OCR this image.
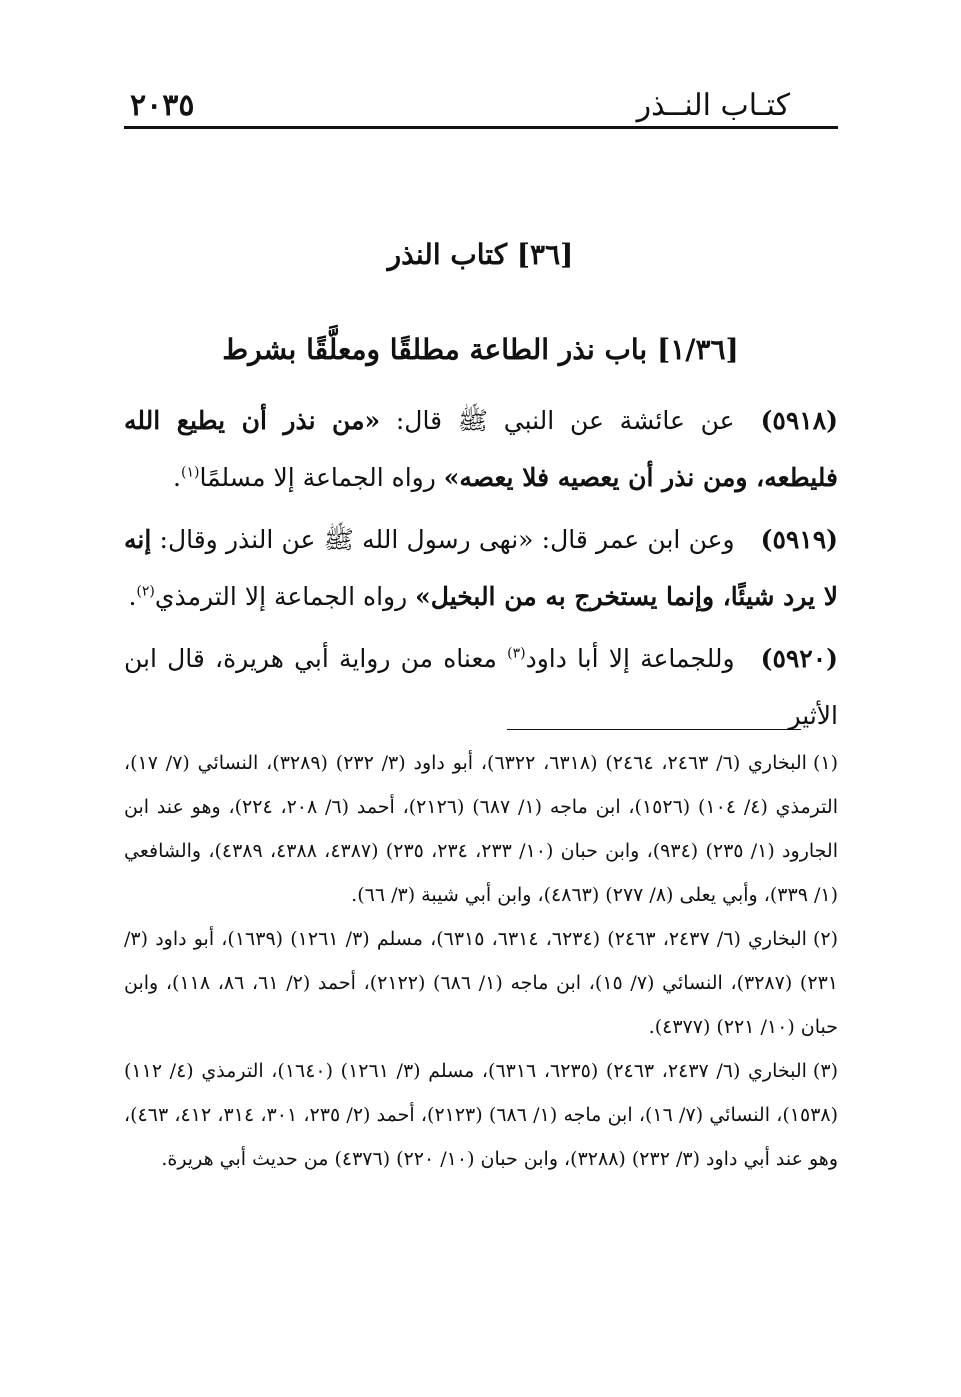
كتـاب النــذر
٢٠٣٥
[٣٦] كتاب النذر
[١/٣٦] باب نذر الطاعة مطلقًا ومعلَّقًا بشرط

(٥٩١٨)عن عائشة عن النبي ﷺ قال: «من نذر أن يطيع الله فليطعه، ومن نذر أن يعصيه فلا يعصه» رواه الجماعة إلا مسلمًا$^{(١)}$.

(٥٩١٩)وعن ابن عمر قال: «نهى رسول الله ﷺ عن النذر وقال: إنه لا يرد شيئًا، وإنما يستخرج به من البخيل» رواه الجماعة إلا الترمذي$^{(٢)}$.

(٥٩٢٠)وللجماعة إلا أبا داود$^{(٣)}$ معناه من رواية أبي هريرة، قال ابن الأثير

(١)البخاري (٦/ ٢٤٦٣، ٢٤٦٤) (٦٣١٨، ٦٣٢٢)، أبو داود (٣/ ٢٣٢) (٣٢٨٩)، النسائي (٧/ ١٧)، الترمذي (٤/ ١٠٤) (١٥٢٦)، ابن ماجه (١/ ٦٨٧) (٢١٢٦)، أحمد (٦/ ٢٠٨، ٢٢٤)، وهو عند ابن الجارود (١/ ٢٣٥) (٩٣٤)، وابن حبان (١٠/ ٢٣٣، ٢٣٤، ٢٣٥) (٤٣٨٧، ٤٣٨٨، ٤٣٨٩)، والشافعي (١/ ٣٣٩)، وأبي يعلى (٨/ ٢٧٧) (٤٨٦٣)، وابن أبي شيبة (٣/ ٦٦).

(٢)البخاري (٦/ ٢٤٣٧، ٢٤٦٣) (٦٢٣٤، ٦٣١٤، ٦٣١٥)، مسلم (٣/ ١٢٦١) (١٦٣٩)، أبو داود (٣/ ٢٣١) (٣٢٨٧)، النسائي (٧/ ١٥)، ابن ماجه (١/ ٦٨٦) (٢١٢٢)، أحمد (٢/ ٦١، ٨٦، ١١٨)، وابن حبان (١٠/ ٢٢١) (٤٣٧٧).

(٣)البخاري (٦/ ٢٤٣٧، ٢٤٦٣) (٦٢٣٥، ٦٣١٦)، مسلم (٣/ ١٢٦١) (١٦٤٠)، الترمذي (٤/ ١١٢) (١٥٣٨)، النسائي (٧/ ١٦)، ابن ماجه (١/ ٦٨٦) (٢١٢٣)، أحمد (٢/ ٢٣٥، ٣٠١، ٣١٤، ٤١٢، ٤٦٣)، وهو عند أبي داود (٣/ ٢٣٢) (٣٢٨٨)، وابن حبان (١٠/ ٢٢٠) (٤٣٧٦) من حديث أبي هريرة.
